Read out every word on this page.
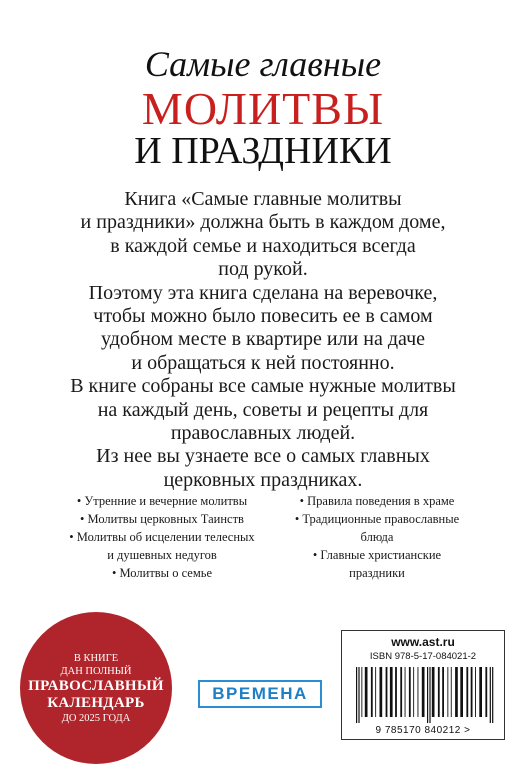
Самые главные
МОЛИТВЫ
И ПРАЗДНИКИ

Книга «Самые главные молитвы

и праздники» должна быть в каждом доме,

в каждой семье и находиться всегда

под рукой.

Поэтому эта книга сделана на веревочке,

чтобы можно было повесить ее в самом

удобном месте в квартире или на даче

и обращаться к ней постоянно.

В книге собраны все самые нужные молитвы

на каждый день, советы и рецепты для

православных людей.

Из нее вы узнаете все о самых главных

церковных праздниках.

• Утренние и вечерние молитвы
• Молитвы церковных Таинств
• Молитвы об исцелении телесных
и душевных недугов
• Молитвы о семье
• Правила поведения в храме
• Традиционные православные
блюда
• Главные христианские
праздники
В КНИГЕ
ДАН ПОЛНЫЙ
ПРАВОСЛАВНЫЙ
КАЛЕНДАРЬ
ДО 2025 ГОДА
ВРЕМЕНА
www.ast.ru
ISBN 978-5-17-084021-2
9 785170 840212 >
